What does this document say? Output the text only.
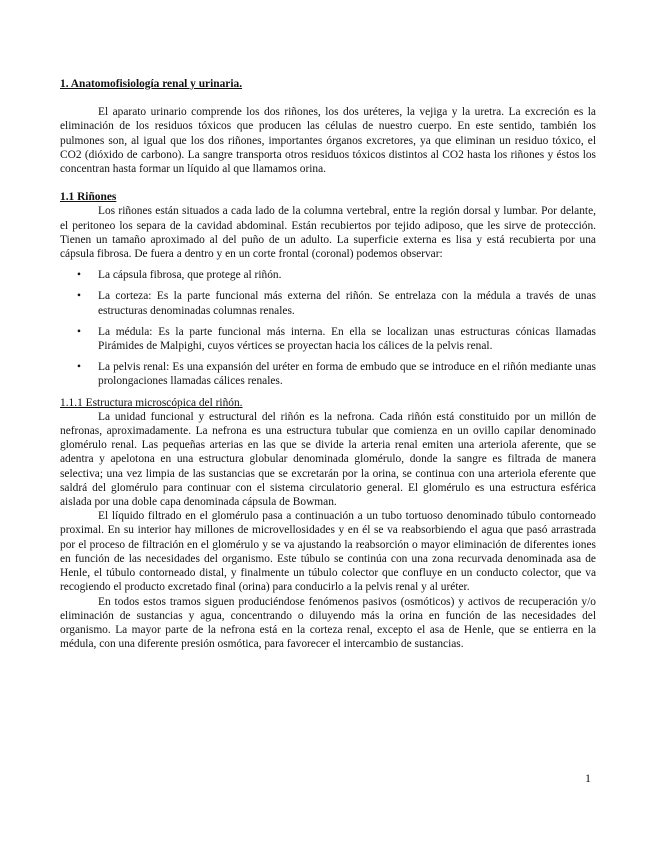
1. Anatomofisiología renal y urinaria.

El aparato urinario comprende los dos riñones, los dos uréteres, la vejiga y la uretra. La excreción es la eliminación de los residuos tóxicos que producen las células de nuestro cuerpo. En este sentido, también los pulmones son, al igual que los dos riñones, importantes órganos excretores, ya que eliminan un residuo tóxico, el CO2 (dióxido de carbono). La sangre transporta otros residuos tóxicos distintos al CO2 hasta los riñones y éstos los concentran hasta formar un líquido al que llamamos orina.

1.1 Riñones

Los riñones están situados a cada lado de la columna vertebral, entre la región dorsal y lumbar. Por delante, el peritoneo los separa de la cavidad abdominal. Están recubiertos por tejido adiposo, que les sirve de protección. Tienen un tamaño aproximado al del puño de un adulto. La superficie externa es lisa y está recubierta por una cápsula fibrosa. De fuera a dentro y en un corte frontal (coronal) podemos observar:

• La cápsula fibrosa, que protege al riñón.
• La corteza: Es la parte funcional más externa del riñón. Se entrelaza con la médula a través de unas estructuras denominadas columnas renales.
• La médula: Es la parte funcional más interna. En ella se localizan unas estructuras cónicas llamadas Pirámides de Malpighi, cuyos vértices se proyectan hacia los cálices de la pelvis renal.
• La pelvis renal: Es una expansión del uréter en forma de embudo que se introduce en el riñón mediante unas prolongaciones llamadas cálices renales.
1.1.1 Estructura microscópica del riñón.

La unidad funcional y estructural del riñón es la nefrona. Cada riñón está constituido por un millón de nefronas, aproximadamente. La nefrona es una estructura tubular que comienza en un ovillo capilar denominado glomérulo renal. Las pequeñas arterias en las que se divide la arteria renal emiten una arteriola aferente, que se adentra y apelotona en una estructura globular denominada glomérulo, donde la sangre es filtrada de manera selectiva; una vez limpia de las sustancias que se excretarán por la orina, se continua con una arteriola eferente que saldrá del glomérulo para continuar con el sistema circulatorio general. El glomérulo es una estructura esférica aislada por una doble capa denominada cápsula de Bowman.

El líquido filtrado en el glomérulo pasa a continuación a un tubo tortuoso denominado túbulo contorneado proximal. En su interior hay millones de microvellosidades y en él se va reabsorbiendo el agua que pasó arrastrada por el proceso de filtración en el glomérulo y se va ajustando la reabsorción o mayor eliminación de diferentes iones en función de las necesidades del organismo. Este túbulo se continúa con una zona recurvada denominada asa de Henle, el túbulo contorneado distal, y finalmente un túbulo colector que confluye en un conducto colector, que va recogiendo el producto excretado final (orina) para conducirlo a la pelvis renal y al uréter.

En todos estos tramos siguen produciéndose fenómenos pasivos (osmóticos) y activos de recuperación y/o eliminación de sustancias y agua, concentrando o diluyendo más la orina en función de las necesidades del organismo. La mayor parte de la nefrona está en la corteza renal, excepto el asa de Henle, que se entierra en la médula, con una diferente presión osmótica, para favorecer el intercambio de sustancias.

1
